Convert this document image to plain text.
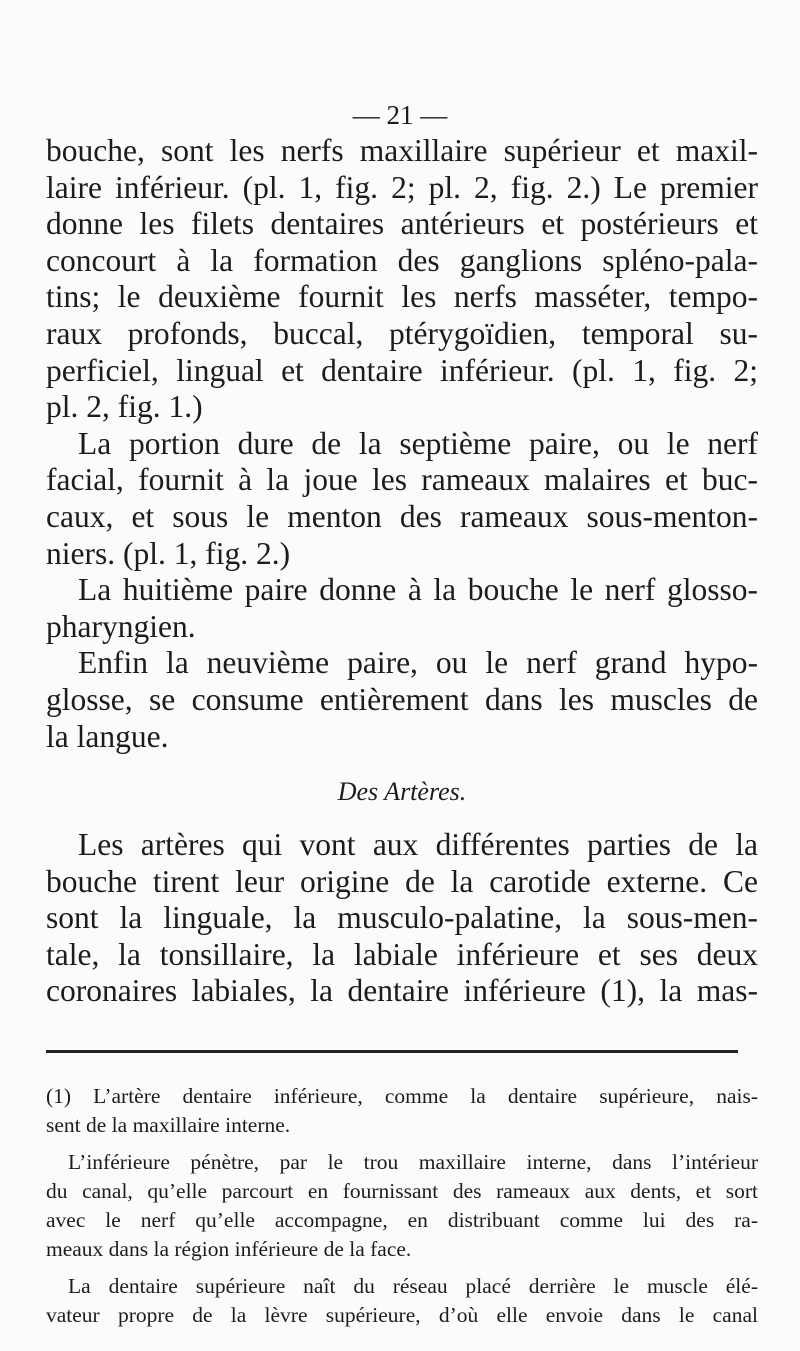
— 21 —
bouche, sont les nerfs maxillaire supérieur et maxil-
laire inférieur. (pl. 1, fig. 2; pl. 2, fig. 2.) Le premier
donne les filets dentaires antérieurs et postérieurs et
concourt à la formation des ganglions spléno-pala-
tins; le deuxième fournit les nerfs masséter, tempo-
raux profonds, buccal, ptérygoïdien, temporal su-
perficiel, lingual et dentaire inférieur. (pl. 1, fig. 2;
pl. 2, fig. 1.)
La portion dure de la septième paire, ou le nerf
facial, fournit à la joue les rameaux malaires et buc-
caux, et sous le menton des rameaux sous-menton-
niers. (pl. 1, fig. 2.)
La huitième paire donne à la bouche le nerf glosso-
pharyngien.
Enfin la neuvième paire, ou le nerf grand hypo-
glosse, se consume entièrement dans les muscles de
la langue.
Des Artères.
Les artères qui vont aux différentes parties de la
bouche tirent leur origine de la carotide externe. Ce
sont la linguale, la musculo-palatine, la sous-men-
tale, la tonsillaire, la labiale inférieure et ses deux
coronaires labiales, la dentaire inférieure (1), la mas-
(1) L’artère dentaire inférieure, comme la dentaire supérieure, nais-
sent de la maxillaire interne.
L’inférieure pénètre, par le trou maxillaire interne, dans l’intérieur
du canal, qu’elle parcourt en fournissant des rameaux aux dents, et sort
avec le nerf qu’elle accompagne, en distribuant comme lui des ra-
meaux dans la région inférieure de la face.
La dentaire supérieure naît du réseau placé derrière le muscle élé-
vateur propre de la lèvre supérieure, d’où elle envoie dans le canal
